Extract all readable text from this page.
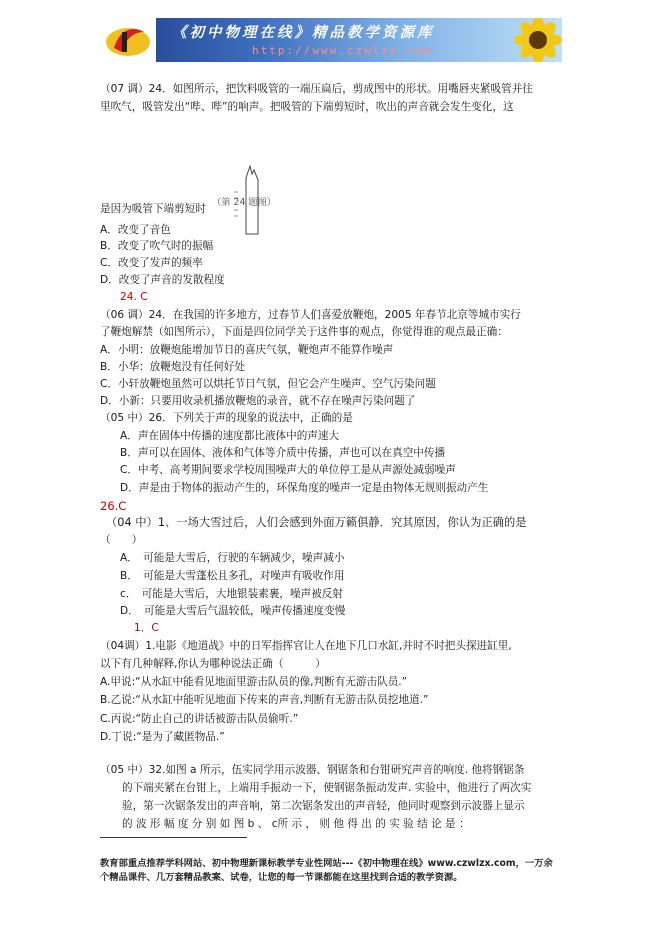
《初中物理在线》精品教学资源库
http://www.czwlzx.com
（07 调）24．如图所示，把饮料吸管的一端压扁后，剪成图中的形状。用嘴唇夹紧吸管并往
里吹气，吸管发出“哔、哔”的响声。把吸管的下端剪短时，吹出的声音就会发生变化，这
（第 24 题图）
是因为吸管下端剪短时
A．改变了音色
B．改变了吹气时的振幅
C．改变了发声的频率
D．改变了声音的发散程度
24. C
（06 调）24．在我国的许多地方，过春节人们喜爱放鞭炮，2005 年春节北京等城市实行
了鞭炮解禁（如图所示），下面是四位同学关于这件事的观点，你觉得谁的观点最正确：
A．小明：放鞭炮能增加节日的喜庆气氛，鞭炮声不能算作噪声
B．小华：放鞭炮没有任何好处
C．小轩放鞭炮虽然可以烘托节日气氛，但它会产生噪声、空气污染问题
D．小新：只要用收录机播放鞭炮的录音，就不存在噪声污染问题了
（05 中）26．下列关于声的现象的说法中，正确的是
A．声在固体中传播的速度都比液体中的声速大
B．声可以在固体、液体和气体等介质中传播，声也可以在真空中传播
C．中考、高考期间要求学校周围噪声大的单位停工是从声源处减弱噪声
D．声是由于物体的振动产生的，环保角度的噪声一定是由物体无规则振动产生
26.C
（04 中）1、一场大雪过后，人们会感到外面万籁俱静．究其原因，你认为正确的是
（　　）
A．　可能是大雪后，行驶的车辆减少，噪声减小
B．　可能是大雪蓬松且多孔，对噪声有吸收作用
c．　可能是大雪后，大地银装素裹，噪声被反射
D．　可能是大雪后气温较低，噪声传播速度变慢
1．C
（04调）1.电影《地道战》中的日军指挥官让人在地下几口水缸,并时不时把头探进缸里,
以下有几种解释,你认为哪种说法正确（　　　）
A.甲说:“从水缸中能看见地面里游击队员的像,判断有无游击队员.”
B.乙说:“从水缸中能听见地面下传来的声音,判断有无游击队员挖地道.”
C.丙说:“防止自己的讲话被游击队员偷听.”
D.丁说:“是为了藏匿物品.”
（05 中）32.如图 a 所示，伍实同学用示波器、钢锯条和台钳研究声音的响度. 他将钢锯条
的下端夹紧在台钳上，上端用手振动一下，使钢锯条振动发声. 实验中，他进行了两次实
验，第一次锯条发出的声音响，第二次锯条发出的声音轻，他同时观察到示波器上显示
的 波 形 幅 度 分 别 如 图 b 、 c所 示 ， 则 他 得 出 的 实 验 结 论 是 ：
教育部重点推荐学科网站、初中物理新课标教学专业性网站---《初中物理在线》www.czwlzx.com，一万余
个精品课件、几万套精品教案、试卷，让您的每一节课都能在这里找到合适的教学资源。
